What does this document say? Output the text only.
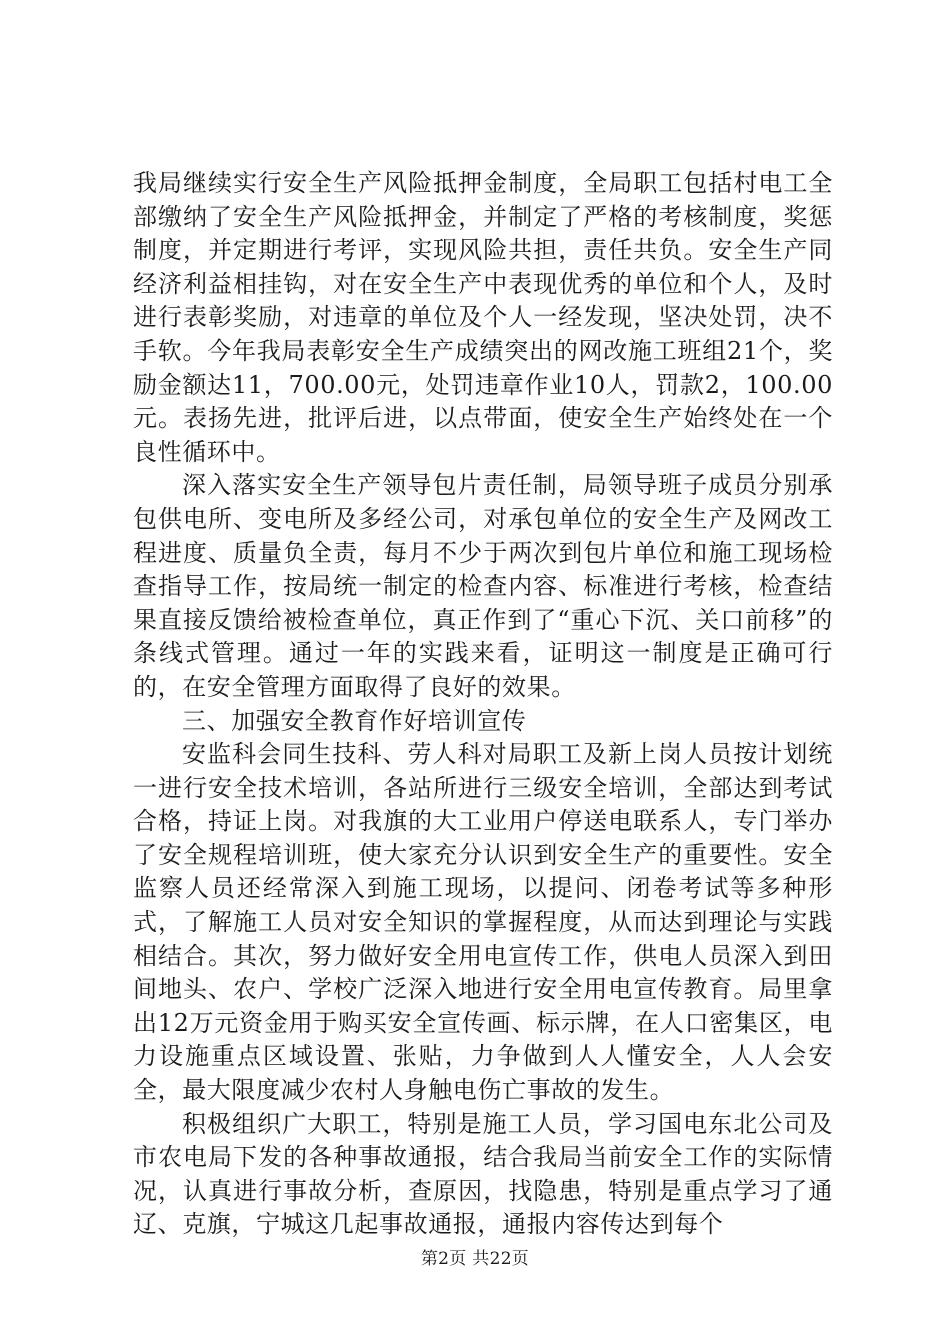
我局继续实行安全生产风险抵押金制度，全局职工包括村电工全部缴纳了安全生产风险抵押金，并制定了严格的考核制度，奖惩制度，并定期进行考评，实现风险共担，责任共负。安全生产同经济利益相挂钩，对在安全生产中表现优秀的单位和个人，及时进行表彰奖励，对违章的单位及个人一经发现，坚决处罚，决不手软。今年我局表彰安全生产成绩突出的网改施工班组21个，奖励金额达11，700.00元，处罚违章作业10人，罚款2，100.00元。表扬先进，批评后进，以点带面，使安全生产始终处在一个良性循环中。

深入落实安全生产领导包片责任制，局领导班子成员分别承包供电所、变电所及多经公司，对承包单位的安全生产及网改工程进度、质量负全责，每月不少于两次到包片单位和施工现场检查指导工作，按局统一制定的检查内容、标准进行考核，检查结果直接反馈给被检查单位，真正作到了“重心下沉、关口前移”的条线式管理。通过一年的实践来看，证明这一制度是正确可行的，在安全管理方面取得了良好的效果。

三、加强安全教育作好培训宣传

安监科会同生技科、劳人科对局职工及新上岗人员按计划统一进行安全技术培训，各站所进行三级安全培训，全部达到考试合格，持证上岗。对我旗的大工业用户停送电联系人，专门举办了安全规程培训班，使大家充分认识到安全生产的重要性。安全监察人员还经常深入到施工现场，以提问、闭卷考试等多种形式，了解施工人员对安全知识的掌握程度，从而达到理论与实践相结合。其次，努力做好安全用电宣传工作，供电人员深入到田间地头、农户、学校广泛深入地进行安全用电宣传教育。局里拿出12万元资金用于购买安全宣传画、标示牌，在人口密集区，电力设施重点区域设置、张贴，力争做到人人懂安全，人人会安全，最大限度减少农村人身触电伤亡事故的发生。

积极组织广大职工，特别是施工人员，学习国电东北公司及市农电局下发的各种事故通报，结合我局当前安全工作的实际情况，认真进行事故分析，查原因，找隐患，特别是重点学习了通辽、克旗，宁城这几起事故通报，通报内容传达到每个

第2页 共22页
